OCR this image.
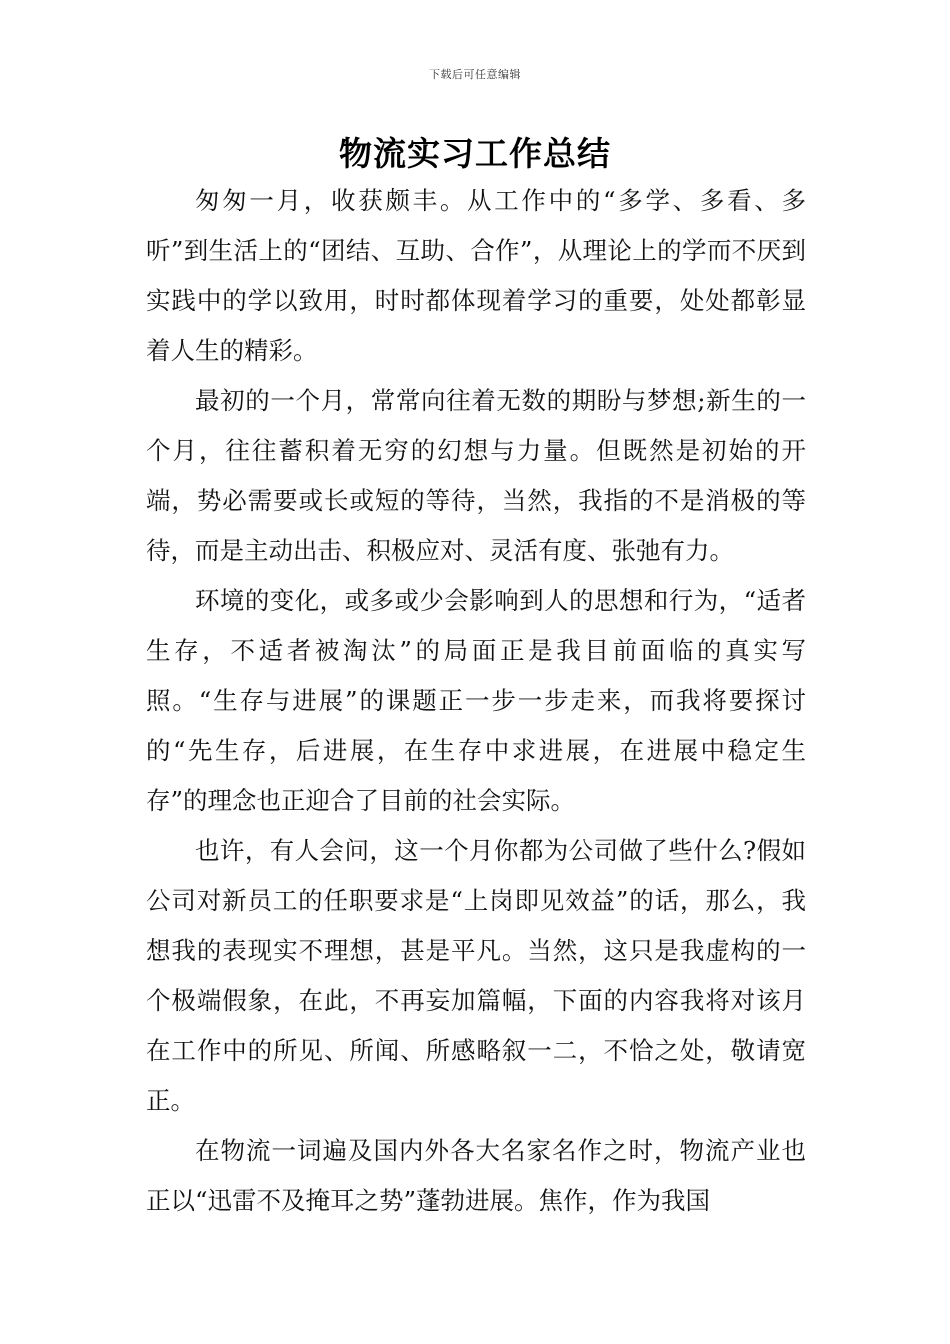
下载后可任意编辑
物流实习工作总结

匆匆一月，收获颇丰。从工作中的“多学、多看、多听”到生活上的“团结、互助、合作”，从理论上的学而不厌到实践中的学以致用，时时都体现着学习的重要，处处都彰显着人生的精彩。

最初的一个月，常常向往着无数的期盼与梦想;新生的一个月，往往蓄积着无穷的幻想与力量。但既然是初始的开端，势必需要或长或短的等待，当然，我指的不是消极的等待，而是主动出击、积极应对、灵活有度、张弛有力。

环境的变化，或多或少会影响到人的思想和行为，“适者生存，不适者被淘汰”的局面正是我目前面临的真实写照。“生存与进展”的课题正一步一步走来，而我将要探讨的“先生存，后进展，在生存中求进展，在进展中稳定生存”的理念也正迎合了目前的社会实际。

也许，有人会问，这一个月你都为公司做了些什么?假如公司对新员工的任职要求是“上岗即见效益”的话，那么，我想我的表现实不理想，甚是平凡。当然，这只是我虚构的一个极端假象，在此，不再妄加篇幅，下面的内容我将对该月在工作中的所见、所闻、所感略叙一二，不恰之处，敬请宽正。

在物流一词遍及国内外各大名家名作之时，物流产业也正以“迅雷不及掩耳之势”蓬勃进展。焦作，作为我国
